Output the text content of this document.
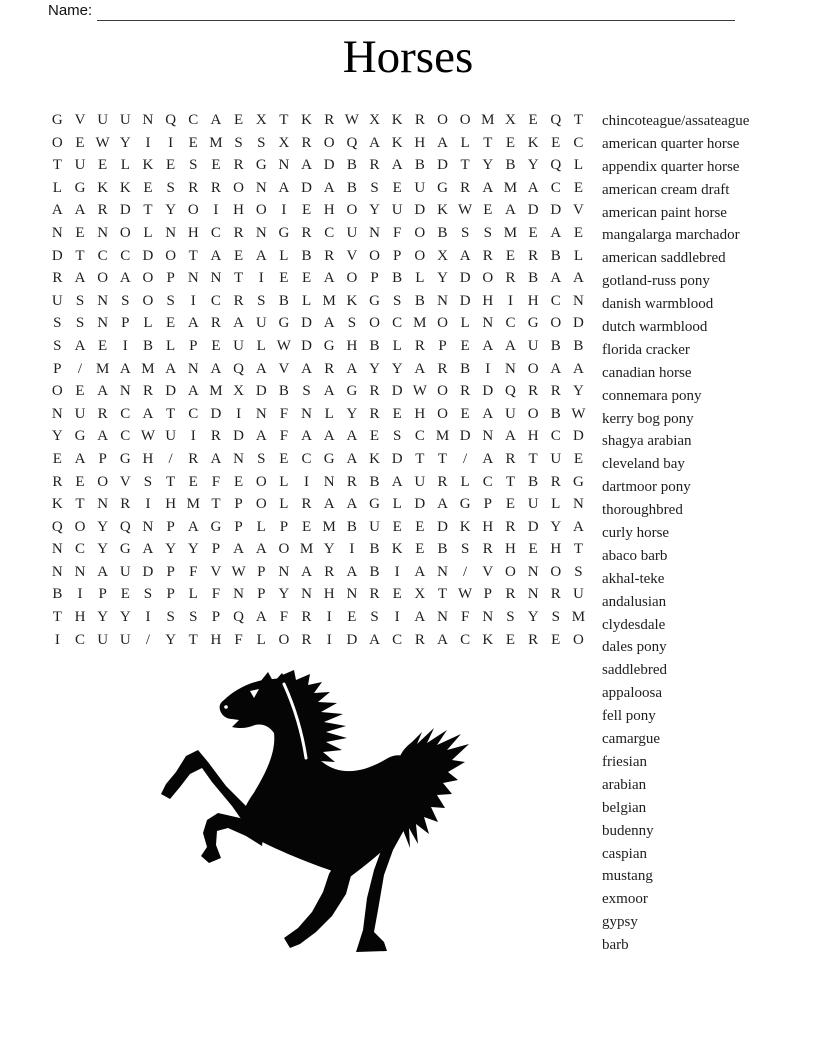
Name:
Horses
G V U U N Q C A E X T K R W X K R O O M X E Q T
O E W Y I	I	E M S S X R O Q A K H A L T E K E C
T U E L K E S E R G N A D B R A B D T Y B Y Q L
L G K K E S R R O N A D A B S E U G R A M A C E
A A R D T Y O I H O I	E H O Y U D K W E A D D V
N E N O L N H C R N G R C U N F O B S S M E A E
D T C C D O T A E A L B R V O P O X A R E R B L
R A O A O P N N T	I	E E A O P B L Y D O R B A A
U S N S O S	I	C R S B L M K G S B N D H I H C N
S S N P L E A R A U G D A S O C M O L N C G O D
S A E	I	B L P E U L W D G H B L R P E A A U B B
P	/ M A M A N A Q A V A R A Y Y A R B	I N O A A
O E A N R D A M X D B S A G R D W O R D Q R R Y
N U R C A T C D I N F N L Y R E H O E A U O B W
Y G A C W U I	R D A F A A A E S C M D N A H C D
E A P G H	/	R A N S E C G A K D T T	/	A R T U E
R E O V S T E F E O L	I N R B A U R L C T B R G
K T N R	I H M T P O L R A A G L D A G P E U L N
Q O Y Q N P A G P L P E M B U E E D K H R D Y A
N C Y G A Y Y P A A O M Y I	B K E B S R H E H T
N N A U D P F V W P N A R A B	I A N	/	V O N O S
B	I	P E S P L F N P Y N H N R E X T W P R N R U
T H Y Y I	S S P Q A F R	I	E S	I A N F N S Y S M
I	C U U	/	Y T H F L O R	I D A C R A C K E R E O
chincoteague/assateague
american quarter horse
appendix quarter horse
american cream draft
american paint horse
mangalarga marchador
american saddlebred
gotland-russ pony
danish warmblood
dutch warmblood
florida cracker
canadian horse
connemara pony
kerry bog pony
shagya arabian
cleveland bay
dartmoor pony
thoroughbred
curly horse
abaco barb
akhal-teke
andalusian
clydesdale
dales pony
saddlebred
appaloosa
fell pony
camargue
friesian
arabian
belgian
budenny
caspian
mustang
exmoor
gypsy
barb
